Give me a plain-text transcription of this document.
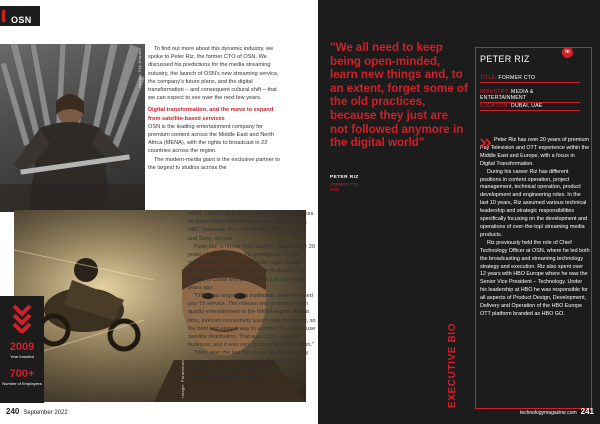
OSN
Image: Sky Atlantic
Image: Paramount

To find out more about this dynamic industry, we spoke to Peter Riz, the former CTO of OSN. We discussed his predictions for the media streaming industry, the launch of OSN's new streaming service, the company's future plans, and the digital transformation – and consequent cultural shift – that we can expect to see over the next few years.

Digital transformation, and the move to expand from satellite-based services

OSN is the leading entertainment company for premium content across the Middle East and North Africa (MENA), with the rights to broadcast in 22 countries across the region.

The modern-media giant is the exclusive partner to the largest tv studios across the

world – across both its box and streaming services. Its partnerships with studio majors include HBO, NBC Universal, Fox, Paramount, MGM, Disney, and Sony, no less.

Peter Riz, a recent OSN addition, boasts over 20 years of experience in the prestigious TV and media industry, having overseen rapid change during his tenure. Originally from Budapest, Riz moved to Dubai and joined OSN just over three years ago.

"OSN was originally a traditional, satellite-based pay TV service. The mission was to provide high quality entertainment to the MENA region. At that time, internet connectivity wasn't that developed, so the best and easiest way to achieve this was to use satellite distribution. That was OSN's original business, and it was very successful in the region."

Then, over the last few years, as the tendency and trends turned to digital distribution, OSN followed suit and also shifted focus to the streaming experience, instead

2009
Year founded
700+
Number of Employees
240 September 2022
"We all need to keep being open-minded, learn new things and, to an extent, forget some of the old practices, because they just are not followed anymore in the digital world"
PETER RIZ
FORMER CTO
OSN
in
PETER RIZ
TITLE: FORMER CTO
INDUSTRY: MEDIA & ENTERTAINMENT
LOCATION: DUBAI, UAE

Peter Riz has over 20 years of premium Pay Television and OTT experience within the Middle East and Europe, with a focus in Digital Transformation.

During his career Riz has different positions in content operation, project management, technical operation, product development and engineering roles. In the last 10 years, Riz assumed various technical leadership and strategic responsibilities specifically focusing on the development and operations of over-the-top/ streaming media products.

Riz previously held the role of Chief Technology Officer at OSN, where he led both the broadcasting and streaming technology strategy and execution. Riz also spent over 12 years with HBO Europe where he was the Senior Vice President – Technology. Under his leadership at HBO he was responsible for all aspects of Product Design, Development, Delivery and Operation of the HBO Europe OTT platform branded as HBO GO.

EXECUTIVE BIO
technologymagazine.com 241
